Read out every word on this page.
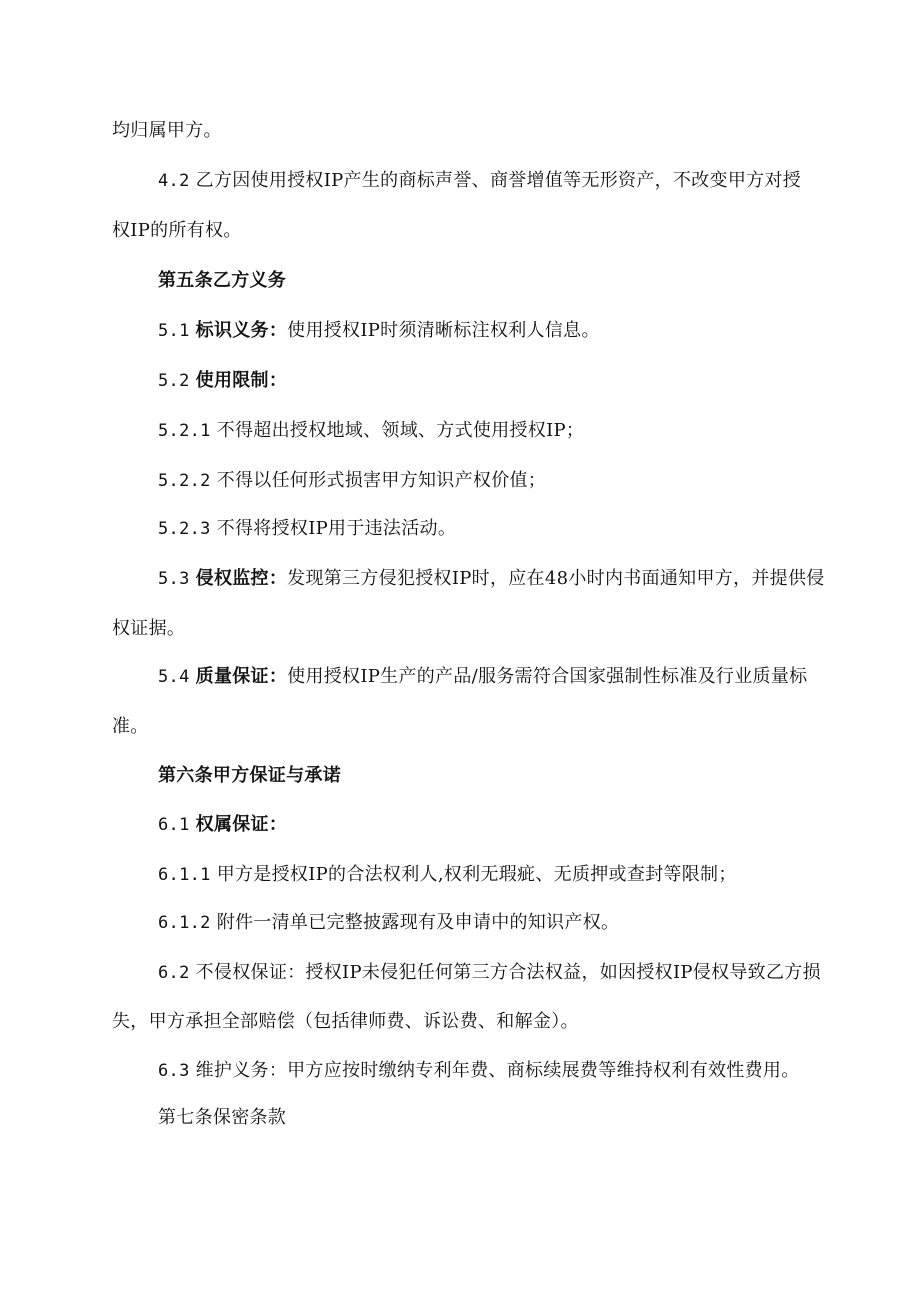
均归属甲方。
4.2 乙方因使用授权IP产生的商标声誉、商誉增值等无形资产，不改变甲方对授
权IP的所有权。
第五条乙方义务
5.1 标识义务：使用授权IP时须清晰标注权利人信息。
5.2 使用限制：
5.2.1 不得超出授权地域、领域、方式使用授权IP；
5.2.2 不得以任何形式损害甲方知识产权价值；
5.2.3 不得将授权IP用于违法活动。
5.3 侵权监控：发现第三方侵犯授权IP时，应在48小时内书面通知甲方，并提供侵
权证据。
5.4 质量保证：使用授权IP生产的产品/服务需符合国家强制性标准及行业质量标
准。
第六条甲方保证与承诺
6.1 权属保证：
6.1.1 甲方是授权IP的合法权利人,权利无瑕疵、无质押或查封等限制；
6.1.2 附件一清单已完整披露现有及申请中的知识产权。
6.2 不侵权保证：授权IP未侵犯任何第三方合法权益，如因授权IP侵权导致乙方损
失，甲方承担全部赔偿（包括律师费、诉讼费、和解金）。
6.3 维护义务：甲方应按时缴纳专利年费、商标续展费等维持权利有效性费用。
第七条保密条款
